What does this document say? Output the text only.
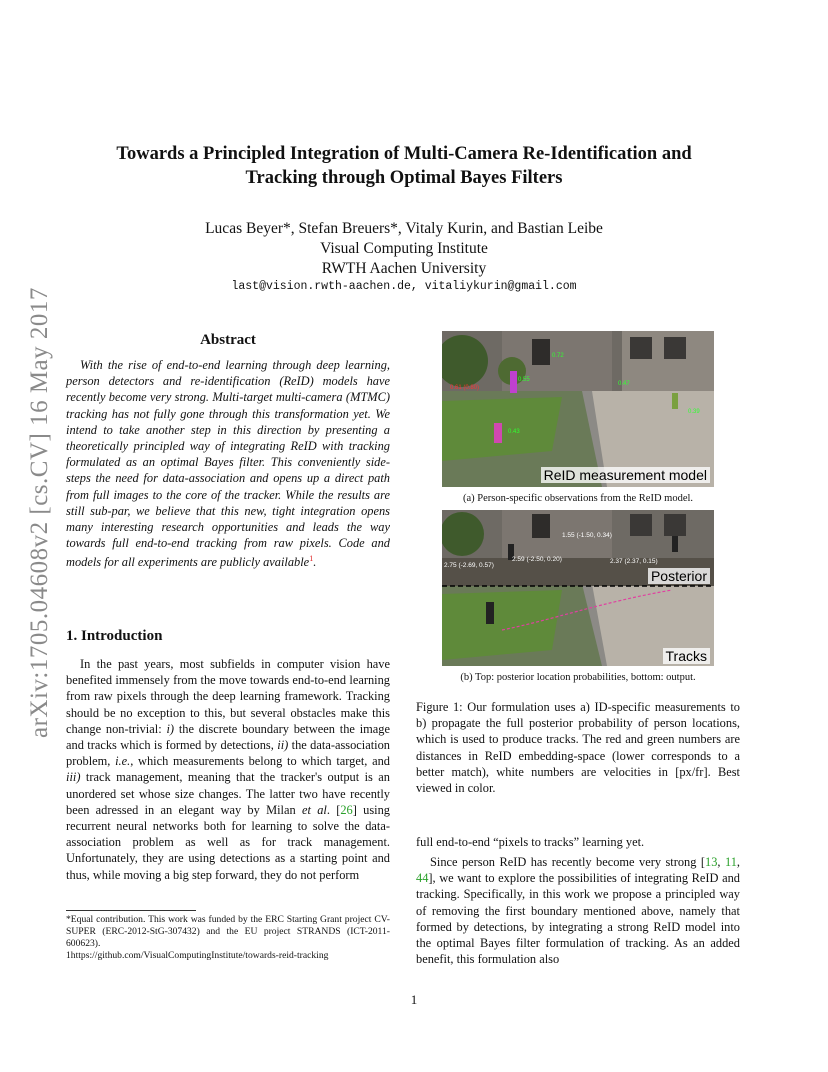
arXiv:1705.04608v2 [cs.CV] 16 May 2017
Towards a Principled Integration of Multi-Camera Re-Identification and
Tracking through Optimal Bayes Filters
Lucas Beyer*, Stefan Breuers*, Vitaly Kurin, and Bastian Leibe
Visual Computing Institute
RWTH Aachen University
last@vision.rwth-aachen.de, vitaliykurin@gmail.com
Abstract
With the rise of end-to-end learning through deep learning, person detectors and re-identification (ReID) models have recently become very strong. Multi-target multi-camera (MTMC) tracking has not fully gone through this transformation yet. We intend to take another step in this direction by presenting a theoretically principled way of integrating ReID with tracking formulated as an optimal Bayes filter. This conveniently side-steps the need for data-association and opens up a direct path from full images to the core of the tracker. While the results are still sub-par, we believe that this new, tight integration opens many interesting research opportunities and leads the way towards full end-to-end tracking from raw pixels. Code and models for all experiments are publicly available$^1$.
1. Introduction
In the past years, most subfields in computer vision have benefited immensely from the move towards end-to-end learning from raw pixels through the deep learning framework. Tracking should be no exception to this, but several obstacles make this change non-trivial: i) the discrete boundary between the image and tracks which is formed by detections, ii) the data-association problem, i.e., which measurements belong to which target, and iii) track management, meaning that the tracker's output is an unordered set whose size changes. The latter two have recently been adressed in an elegant way by Milan et al. [26] using recurrent neural networks both for learning to solve the data-association problem as well as for track management. Unfortunately, they are using detections as a starting point and thus, while moving a big step forward, they do not perform
*Equal contribution. This work was funded by the ERC Starting Grant project CV-SUPER (ERC-2012-StG-307432) and the EU project STRANDS (ICT-2011-600623).
1https://github.com/VisualComputingInstitute/towards-reid-tracking
0.61 (0.80)
0.72
0.55
0.43
0.47
0.39
ReID measurement model
(a) Person-specific observations from the ReID model.
2.75 (-2.69, 0.57)
2.59 (-2.50, 0.20)
1.55 (-1.50, 0.34)
2.37 (2.37, 0.15)
Posterior
Tracks
(b) Top: posterior location probabilities, bottom: output.
Figure 1: Our formulation uses a) ID-specific measurements to b) propagate the full posterior probability of person locations, which is used to produce tracks. The red and green numbers are distances in ReID embedding-space (lower corresponds to a better match), white numbers are velocities in [px/fr]. Best viewed in color.
full end-to-end “pixels to tracks” learning yet.
Since person ReID has recently become very strong [13, 11, 44], we want to explore the possibilities of integrating ReID and tracking. Specifically, in this work we propose a principled way of removing the first boundary mentioned above, namely that formed by detections, by integrating a strong ReID model into the optimal Bayes filter formulation of tracking. As an added benefit, this formulation also
1
